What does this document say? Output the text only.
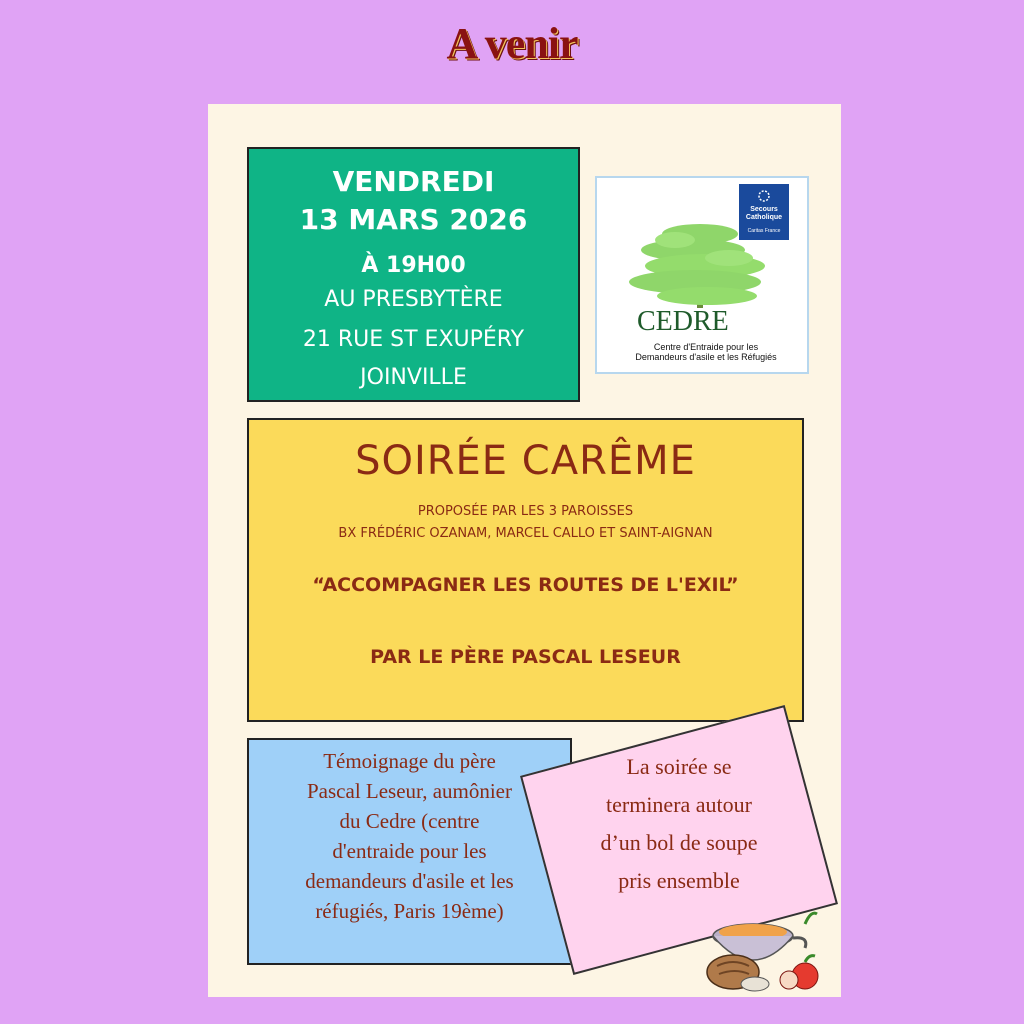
A venir
VENDREDI
13 MARS 2026
À 19H00
AU PRESBYTÈRE
21 RUE ST EXUPÉRY
JOINVILLE
Secours
Catholique
Caritas France
CEDRE
Centre d'Entraide pour les
Demandeurs d'asile et les Réfugiés
SOIRÉE CARÊME
PROPOSÉE PAR LES 3 PAROISSES
BX FRÉDÉRIC OZANAM, MARCEL CALLO ET SAINT-AIGNAN
“ACCOMPAGNER LES ROUTES DE L'EXIL”
PAR LE PÈRE PASCAL LESEUR
Témoignage du père
Pascal Leseur, aumônier
du Cedre (centre
d'entraide pour les
demandeurs d'asile et les
réfugiés, Paris 19ème)
La soirée se
terminera autour
d’un bol de soupe
pris ensemble
